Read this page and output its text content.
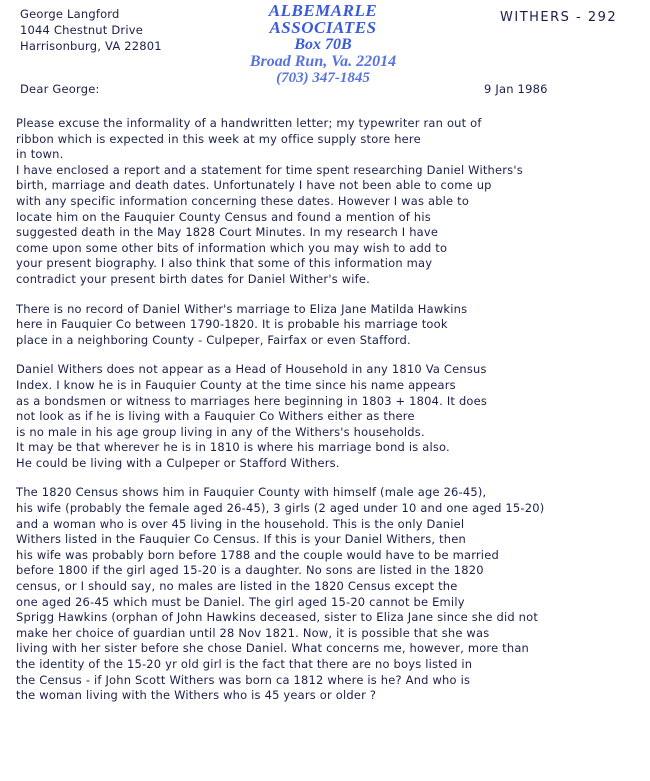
George Langford
1044 Chestnut Drive
Harrisonburg, VA 22801
ALBEMARLE ASSOCIATES
Box 70B
Broad Run, Va. 22014
(703) 347-1845
WITHERS - 292
Dear George:	9 Jan 1986
Please excuse the informality of a handwritten letter; my typewriter ran out of
ribbon which is expected in this week at my office supply store here
in town.
I have enclosed a report and a statement for time spent researching Daniel Withers's
birth, marriage and death dates. Unfortunately I have not been able to come up
with any specific information concerning these dates. However I was able to
locate him on the Fauquier County Census and found a mention of his
suggested death in the May 1828 Court Minutes. In my research I have
come upon some other bits of information which you may wish to add to
your present biography. I also think that some of this information may
contradict your present birth dates for Daniel Wither's wife.
There is no record of Daniel Wither's marriage to Eliza Jane Matilda Hawkins
here in Fauquier Co between 1790-1820. It is probable his marriage took
place in a neighboring County - Culpeper, Fairfax or even Stafford.
Daniel Withers does not appear as a Head of Household in any 1810 Va Census
Index. I know he is in Fauquier County at the time since his name appears
as a bondsmen or witness to marriages here beginning in 1803 + 1804. It does
not look as if he is living with a Fauquier Co Withers either as there
is no male in his age group living in any of the Withers's households.
It may be that wherever he is in 1810 is where his marriage bond is also.
He could be living with a Culpeper or Stafford Withers.
The 1820 Census shows him in Fauquier County with himself (male age 26-45),
his wife (probably the female aged 26-45), 3 girls (2 aged under 10 and one aged 15-20)
and a woman who is over 45 living in the household. This is the only Daniel
Withers listed in the Fauquier Co Census. If this is your Daniel Withers, then
his wife was probably born before 1788 and the couple would have to be married
before 1800 if the girl aged 15-20 is a daughter. No sons are listed in the 1820
census, or I should say, no males are listed in the 1820 Census except the
one aged 26-45 which must be Daniel. The girl aged 15-20 cannot be Emily
Sprigg Hawkins (orphan of John Hawkins deceased, sister to Eliza Jane since she did not
make her choice of guardian until 28 Nov 1821. Now, it is possible that she was
living with her sister before she chose Daniel. What concerns me, however, more than
the identity of the 15-20 yr old girl is the fact that there are no boys listed in
the Census - if John Scott Withers was born ca 1812 where is he? And who is
the woman living with the Withers who is 45 years or older ?
